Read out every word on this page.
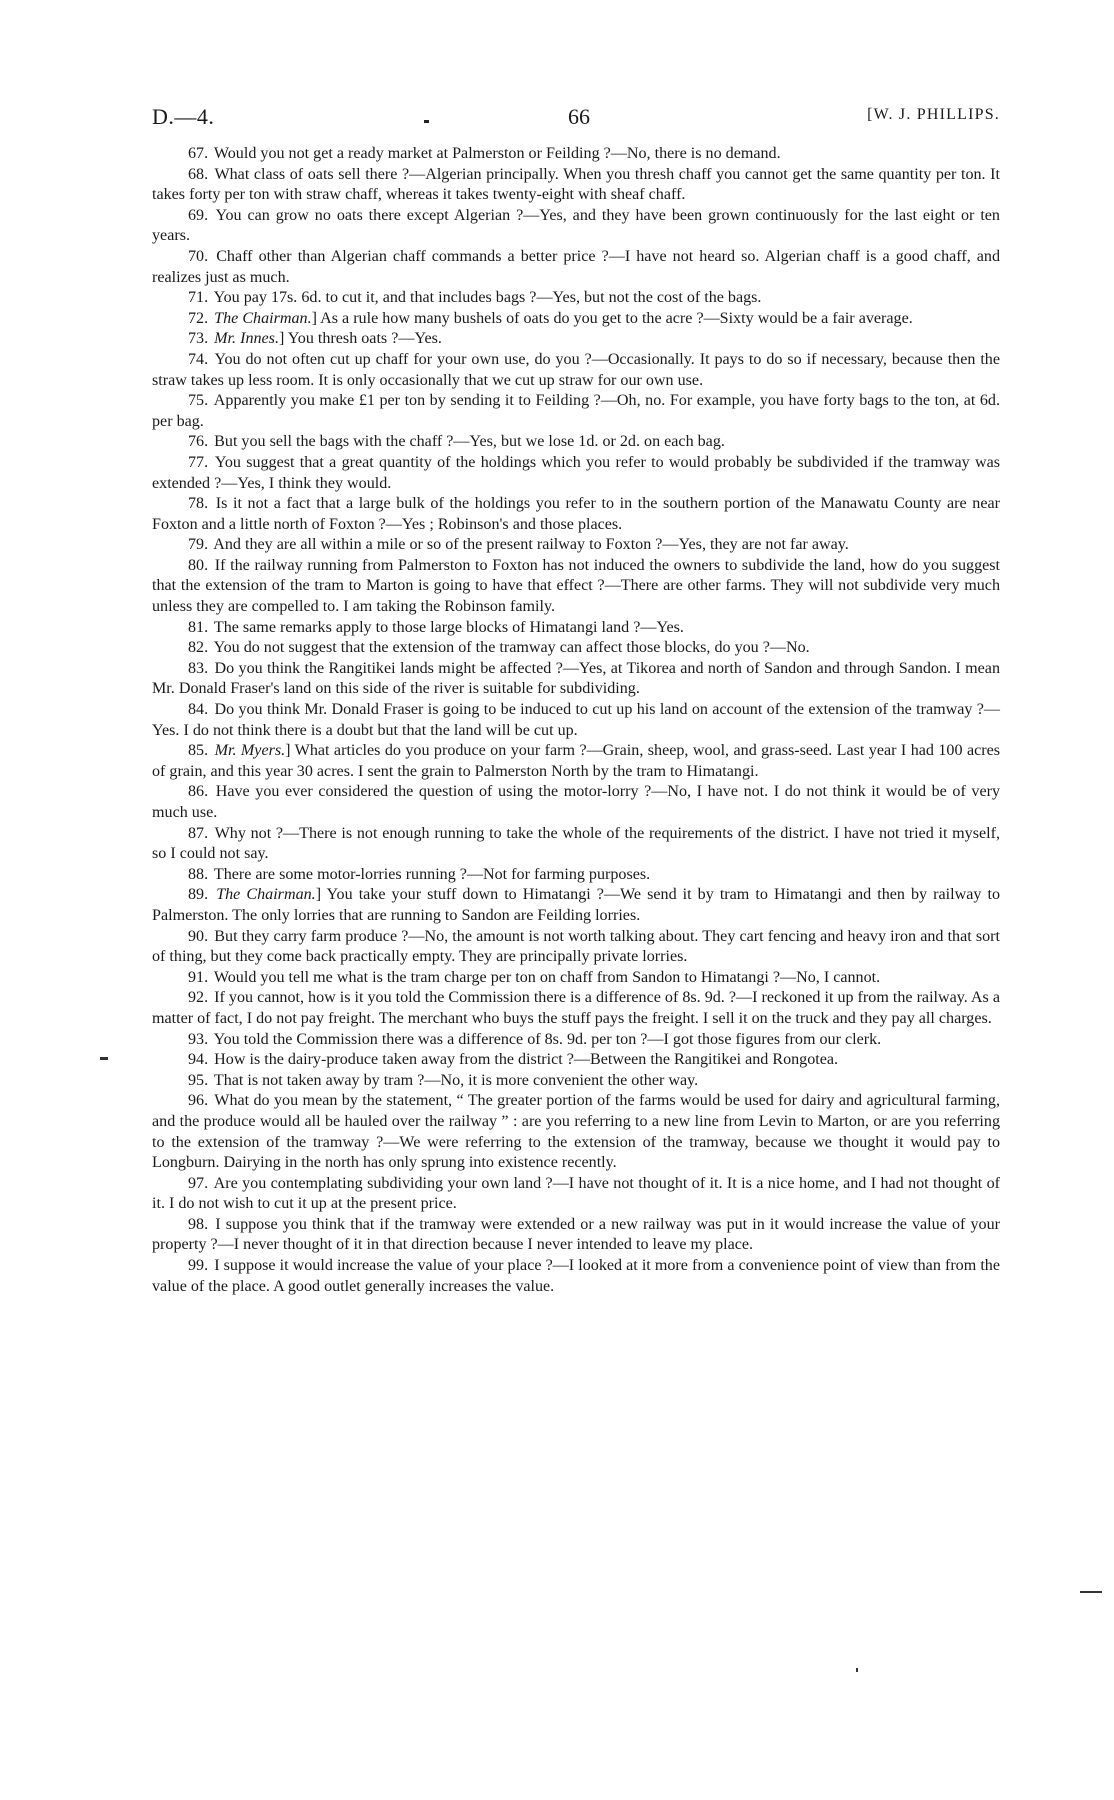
D.—4.	66	[W. J. PHILLIPS.

67. Would you not get a ready market at Palmerston or Feilding ?—No, there is no demand.

68. What class of oats sell there ?—Algerian principally. When you thresh chaff you cannot get the same quantity per ton. It takes forty per ton with straw chaff, whereas it takes twenty-eight with sheaf chaff.

69. You can grow no oats there except Algerian ?—Yes, and they have been grown continuously for the last eight or ten years.

70. Chaff other than Algerian chaff commands a better price ?—I have not heard so. Algerian chaff is a good chaff, and realizes just as much.

71. You pay 17s. 6d. to cut it, and that includes bags ?—Yes, but not the cost of the bags.

72. The Chairman.] As a rule how many bushels of oats do you get to the acre ?—Sixty would be a fair average.

73. Mr. Innes.] You thresh oats ?—Yes.

74. You do not often cut up chaff for your own use, do you ?—Occasionally. It pays to do so if necessary, because then the straw takes up less room. It is only occasionally that we cut up straw for our own use.

75. Apparently you make £1 per ton by sending it to Feilding ?—Oh, no. For example, you have forty bags to the ton, at 6d. per bag.

76. But you sell the bags with the chaff ?—Yes, but we lose 1d. or 2d. on each bag.

77. You suggest that a great quantity of the holdings which you refer to would probably be subdivided if the tramway was extended ?—Yes, I think they would.

78. Is it not a fact that a large bulk of the holdings you refer to in the southern portion of the Manawatu County are near Foxton and a little north of Foxton ?—Yes ; Robinson's and those places.

79. And they are all within a mile or so of the present railway to Foxton ?—Yes, they are not far away.

80. If the railway running from Palmerston to Foxton has not induced the owners to subdivide the land, how do you suggest that the extension of the tram to Marton is going to have that effect ?—There are other farms. They will not subdivide very much unless they are compelled to. I am taking the Robinson family.

81. The same remarks apply to those large blocks of Himatangi land ?—Yes.

82. You do not suggest that the extension of the tramway can affect those blocks, do you ?—No.

83. Do you think the Rangitikei lands might be affected ?—Yes, at Tikorea and north of Sandon and through Sandon. I mean Mr. Donald Fraser's land on this side of the river is suitable for subdividing.

84. Do you think Mr. Donald Fraser is going to be induced to cut up his land on account of the extension of the tramway ?—Yes. I do not think there is a doubt but that the land will be cut up.

85. Mr. Myers.] What articles do you produce on your farm ?—Grain, sheep, wool, and grass-seed. Last year I had 100 acres of grain, and this year 30 acres. I sent the grain to Palmerston North by the tram to Himatangi.

86. Have you ever considered the question of using the motor-lorry ?—No, I have not. I do not think it would be of very much use.

87. Why not ?—There is not enough running to take the whole of the requirements of the district. I have not tried it myself, so I could not say.

88. There are some motor-lorries running ?—Not for farming purposes.

89. The Chairman.] You take your stuff down to Himatangi ?—We send it by tram to Himatangi and then by railway to Palmerston. The only lorries that are running to Sandon are Feilding lorries.

90. But they carry farm produce ?—No, the amount is not worth talking about. They cart fencing and heavy iron and that sort of thing, but they come back practically empty. They are principally private lorries.

91. Would you tell me what is the tram charge per ton on chaff from Sandon to Himatangi ?—No, I cannot.

92. If you cannot, how is it you told the Commission there is a difference of 8s. 9d. ?—I reckoned it up from the railway. As a matter of fact, I do not pay freight. The merchant who buys the stuff pays the freight. I sell it on the truck and they pay all charges.

93. You told the Commission there was a difference of 8s. 9d. per ton ?—I got those figures from our clerk.

94. How is the dairy-produce taken away from the district ?—Between the Rangitikei and Rongotea.

95. That is not taken away by tram ?—No, it is more convenient the other way.

96. What do you mean by the statement, “ The greater portion of the farms would be used for dairy and agricultural farming, and the produce would all be hauled over the railway ” : are you referring to a new line from Levin to Marton, or are you referring to the extension of the tramway ?—We were referring to the extension of the tramway, because we thought it would pay to Longburn. Dairying in the north has only sprung into existence recently.

97. Are you contemplating subdividing your own land ?—I have not thought of it. It is a nice home, and I had not thought of it. I do not wish to cut it up at the present price.

98. I suppose you think that if the tramway were extended or a new railway was put in it would increase the value of your property ?—I never thought of it in that direction because I never intended to leave my place.

99. I suppose it would increase the value of your place ?—I looked at it more from a convenience point of view than from the value of the place. A good outlet generally increases the value.
